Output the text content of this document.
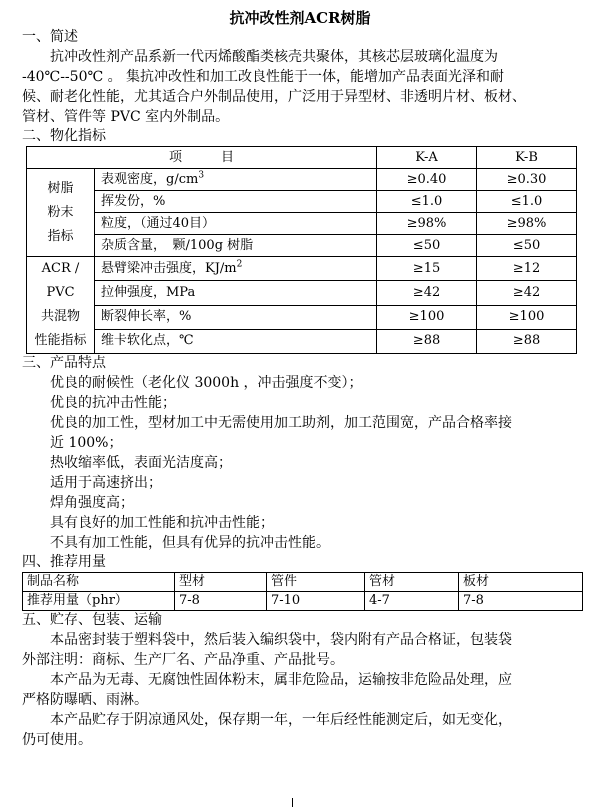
抗冲改性剂ACR树脂
一、简述
抗冲改性剂产品系新一代丙烯酸酯类核壳共聚体，其核芯层玻璃化温度为
-40℃--50℃ 。 集抗冲改性和加工改良性能于一体，能增加产品表面光泽和耐
候、耐老化性能，尤其适合户外制品使用，广泛用于异型材、非透明片材、板材、
管材、管件等 PVC 室内外制品。
二、物化指标
项　　　目		K-A	K-B

树脂
粉末
指标	表观密度，$g/cm^3$	≥0.40	≥0.30
	挥发份，%	≤1.0	≤1.0
	粒度，（通过40目）	≥98%	≥98%
	杂质含量，　颗/100g 树脂	≤50	≤50

ACR /
PVC
共混物
性能指标	悬臂梁冲击强度，$KJ/m^2$	≥15	≥12
	拉伸强度，MPa	≥42	≥42
	断裂伸长率，%	≥100	≥100
	维卡软化点，℃	≥88	≥88
三、产品特点
优良的耐候性（老化仪 3000h ，冲击强度不变）；
优良的抗冲击性能；
优良的加工性，型材加工中无需使用加工助剂，加工范围宽，产品合格率接
近 100%；
热收缩率低，表面光洁度高；
适用于高速挤出；
焊角强度高；
具有良好的加工性能和抗冲击性能；
不具有加工性能，但具有优异的抗冲击性能。
四、推荐用量
制品名称	型材	管件	管材	板材
推荐用量（phr）	7-8	7-10	4-7	7-8
五、贮存、包装、运输
本品密封装于塑料袋中，然后装入编织袋中，袋内附有产品合格证，包装袋
外部注明：商标、生产厂名、产品净重、产品批号。
本产品为无毒、无腐蚀性固体粉末，属非危险品，运输按非危险品处理，应
严格防曝晒、雨淋。
本产品贮存于阴凉通风处，保存期一年，一年后经性能测定后，如无变化，
仍可使用。
